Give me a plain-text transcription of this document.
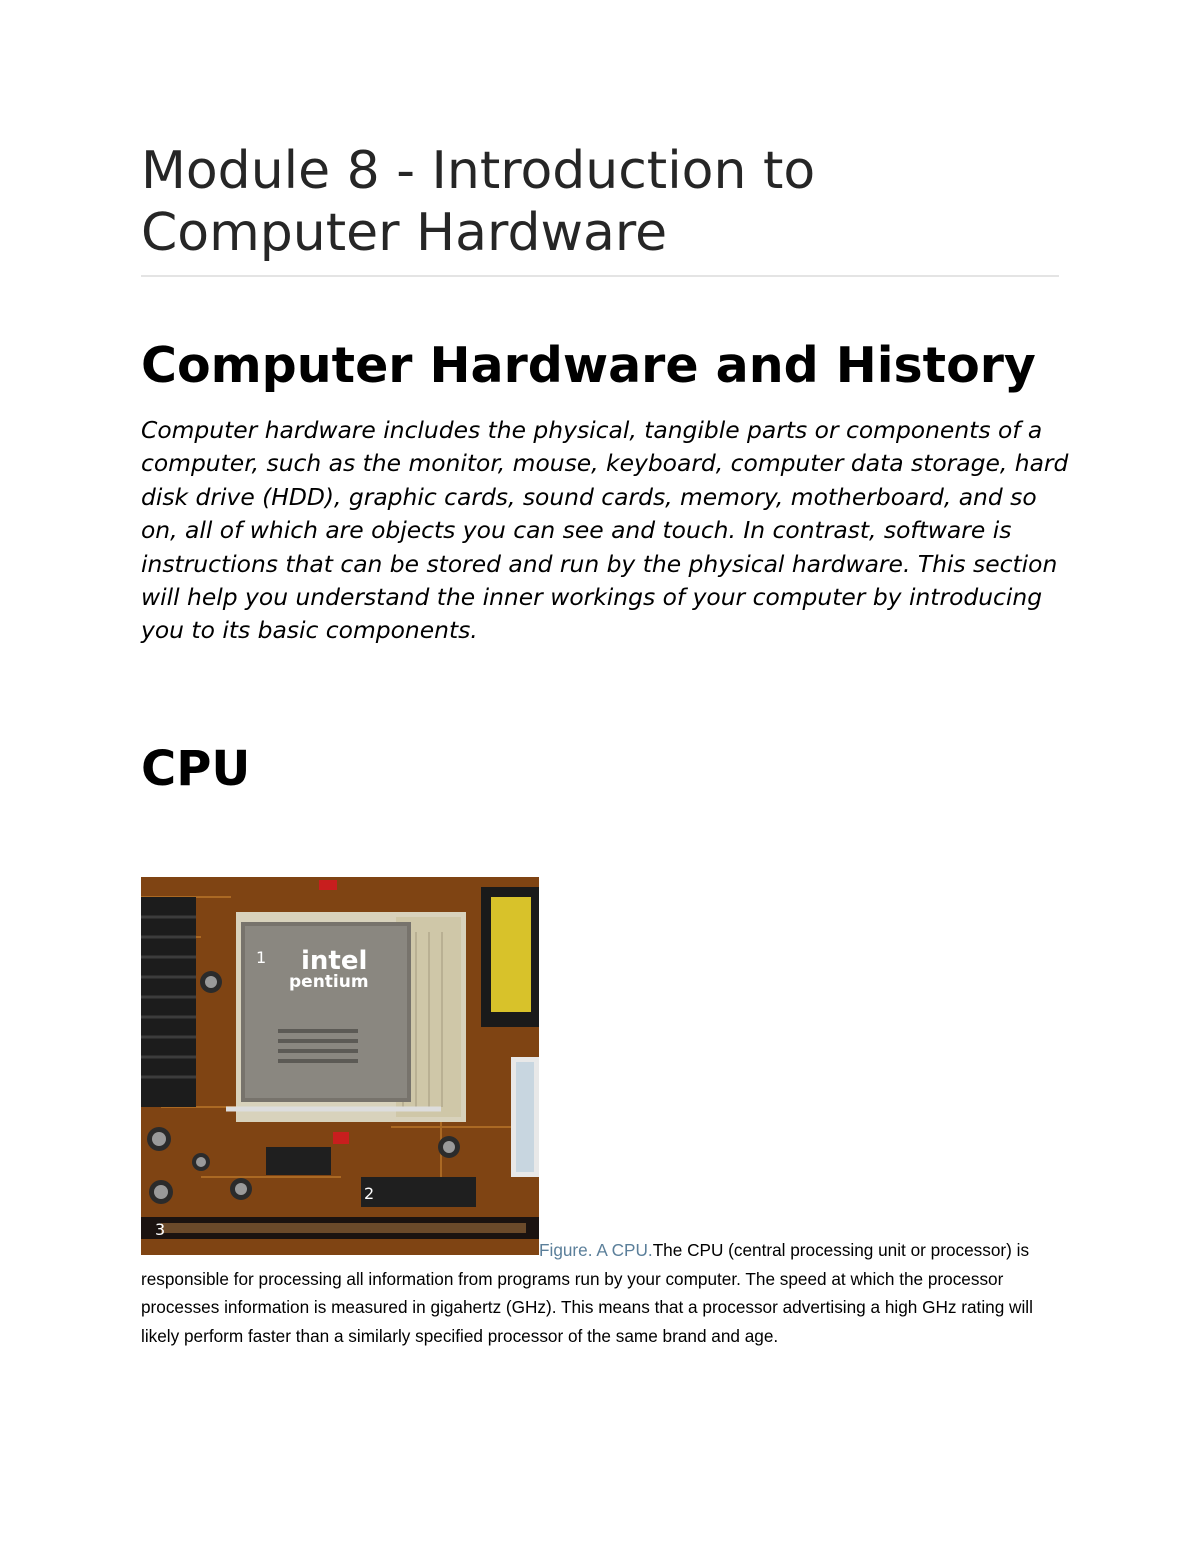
Module 8 - Introduction to Computer Hardware
Computer Hardware and History

Computer hardware includes the physical, tangible parts or components of a computer, such as the monitor, mouse, keyboard, computer data storage, hard disk drive (HDD), graphic cards, sound cards, memory, motherboard, and so on, all of which are objects you can see and touch. In contrast, software is instructions that can be stored and run by the physical hardware. This section will help you understand the inner workings of your computer by introducing you to its basic components.

CPU
intel
pentium
1
2
3

Figure. A CPU.The CPU (central processing unit or processor) is responsible for processing all information from programs run by your computer. The speed at which the processor processes information is measured in gigahertz (GHz). This means that a processor advertising a high GHz rating will likely perform faster than a similarly specified processor of the same brand and age.
